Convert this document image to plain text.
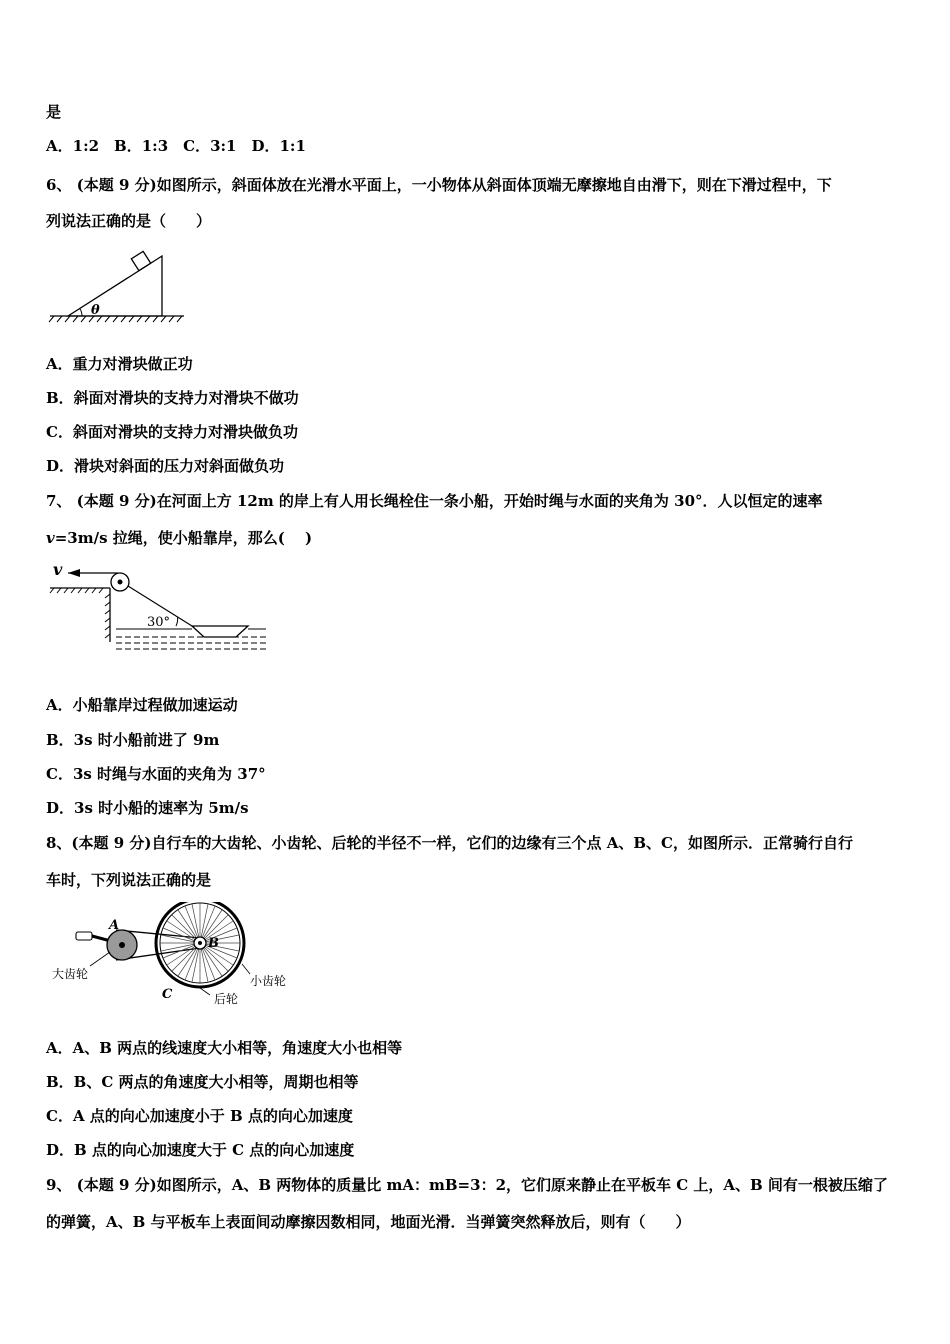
是
A．1:2　B．1:3　C．3:1　D．1:1
6、 (本题 9 分)如图所示，斜面体放在光滑水平面上，一小物体从斜面体顶端无摩擦地自由滑下，则在下滑过程中，下
列说法正确的是（　　）
θ
A．重力对滑块做正功
B．斜面对滑块的支持力对滑块不做功
C．斜面对滑块的支持力对滑块做负功
D．滑块对斜面的压力对斜面做负功
7、 (本题 9 分)在河面上方 12m 的岸上有人用长绳栓住一条小船，开始时绳与水面的夹角为 30°．人以恒定的速率
v=3m/s 拉绳，使小船靠岸，那么(　 )
v
30°
A．小船靠岸过程做加速运动
B．3s 时小船前进了 9m
C．3s 时绳与水面的夹角为 37°
D．3s 时小船的速率为 5m/s
8、(本题 9 分)自行车的大齿轮、小齿轮、后轮的半径不一样，它们的边缘有三个点 A、B、C，如图所示．正常骑行自行
车时，下列说法正确的是
A
B
C
大齿轮	小齿轮
后轮
A．A、B 两点的线速度大小相等，角速度大小也相等
B．B、C 两点的角速度大小相等，周期也相等
C．A 点的向心加速度小于 B 点的向心加速度
D．B 点的向心加速度大于 C 点的向心加速度
9、 (本题 9 分)如图所示，A、B 两物体的质量比 mA：mB=3：2，它们原来静止在平板车 C 上，A、B 间有一根被压缩了
的弹簧，A、B 与平板车上表面间动摩擦因数相同，地面光滑．当弹簧突然释放后，则有（　　）
